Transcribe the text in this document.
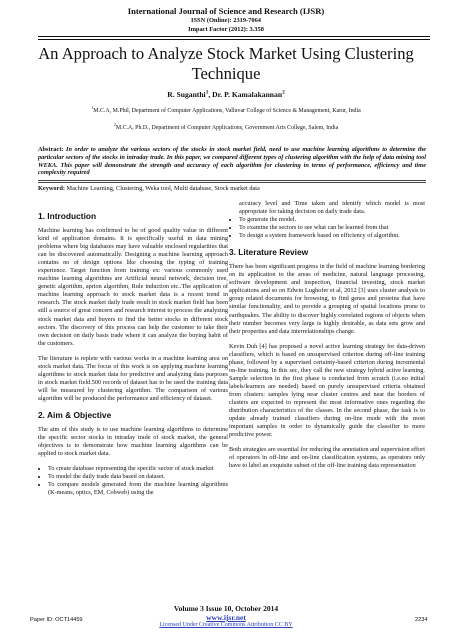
International Journal of Science and Research (IJSR)
ISSN (Online): 2319-7064
Impact Factor (2012): 3.358
An Approach to Analyze Stock Market Using Clustering Technique
R. Suganthi$^1$, Dr. P. Kamalakannan$^2$
$^1$M.C.A, M.Phil, Department of Computer Applications, Valluvar College of Science & Management, Karur, India
$^2$M.C.A, Ph.D., Department of Computer Applications, Government Arts College, Salem, India
Abstract: In order to analyze the various sectors of the stocks in stock market field, need to use machine learning algorithms to determine the particular sectors of the stocks in intraday trade. In this paper, we compared different types of clustering algorithm with the help of data mining tool WEKA. This paper will demonstrate the strength and accuracy of each algorithm for clustering in terms of performance, efficiency and time complexity required
Keyword: Machine Learning, Clustering, Weka tool, Multi database, Stock market data
1. Introduction

Machine learning has confirmed to be of good quality value in different kind of application domains. It is specifically useful in data mining problems where big databases may have valuable enclosed regularities that can be discovered automatically. Designing a machine learning approach contains no of design options like choosing the typing of training experience. Target function from training ex: various commonly used machine learning algorithms are Artificial neural network, decision tree, genetic algorithm, aprion algorithm, Rule induction etc..The application of machine learning approach to stock market data is a recent trend in research. The stock market daily trade result in stock market field has been still a source of great concern and research interest to process the analyzing stock market data and buyers to find the better stocks in different stock sectors. The discovery of this process can help the customer to take their own decision on daily basis trade where it can analyze the buying habit of the customers.

The literature is replete with various works in a machine learning area on stock market data. The focus of this work is on applying machine learning algorithms to stock market data for predictive and analyzing data purposes in stock market field.500 records of dataset has to be used the training data will be measured by clustering algorithm. The comparison of various algorithm will be produced the performance and efficiency of dataset.

2. Aim & Objective

The aim of this study is to use machine learning algorithms to determine the specific sector stocks in intraday trade of stock market, the general objectives is to demonstrate how machine learning algorithms can be applied to stock market data.

• To create database representing the specific sector of stock market
• To model the daily trade data based on dataset.
• To compare models generated from the machine learning algorithms (K-means, optics, EM, Cobweb) using the
accuracy level and Time taken and identify which model is most appropriate for taking decision on daily trade data.
• To generate the model.
• To examine the sectors to see what can be learned from that
• To design a system framework based on efficiency of algorithm.
3. Literature Review

There has been significant progress in the field of machine learning bordering on its application to the areas of medicine, natural language processing, software development and inspection, financial investing, stock market applications and so on Edwin Lughofer et al, 2012 [3] uses cluster analysis to group related documents for browsing, to find genes and proteins that have similar functionality, and to provide a grouping of spatial locations prone to earthquakes. The ability to discover highly correlated regions of objects when their number becomes very large is highly desirable, as data sets grow and their properties and data interrelationships change.

Kevin Duh [4] has proposed a novel active learning strategy for data-driven classifiers, which is based on unsupervised criterion during off-line training phase, followed by a supervised certainty-based criterion during incremental on-line training. In this sec, they call the new strategy hybrid active learning. Sample selection in the first phase is conducted from scratch (i.e.no initial labels/learners are needed) based on purely unsupervised criteria obtained from clusters: samples lying near cluster centres and near the borders of clusters are expected to represent the most informative ones regarding the distribution characteristics of the classes. In the second phase, the task is to update already trained classifiers during on-line mode with the most important samples in order to dynamically guide the classifier to more predictive power.

Both strategies are essential for reducing the annotation and supervision effort of operators in off-line and on-line classification systems, as operators only have to label an exquisite subset of the off-line training data representation

Volume 3 Issue 10, October 2014
www.ijsr.net
Licensed Under Creative Commons Attribution CC BY
Paper ID: OCT14459	2234
